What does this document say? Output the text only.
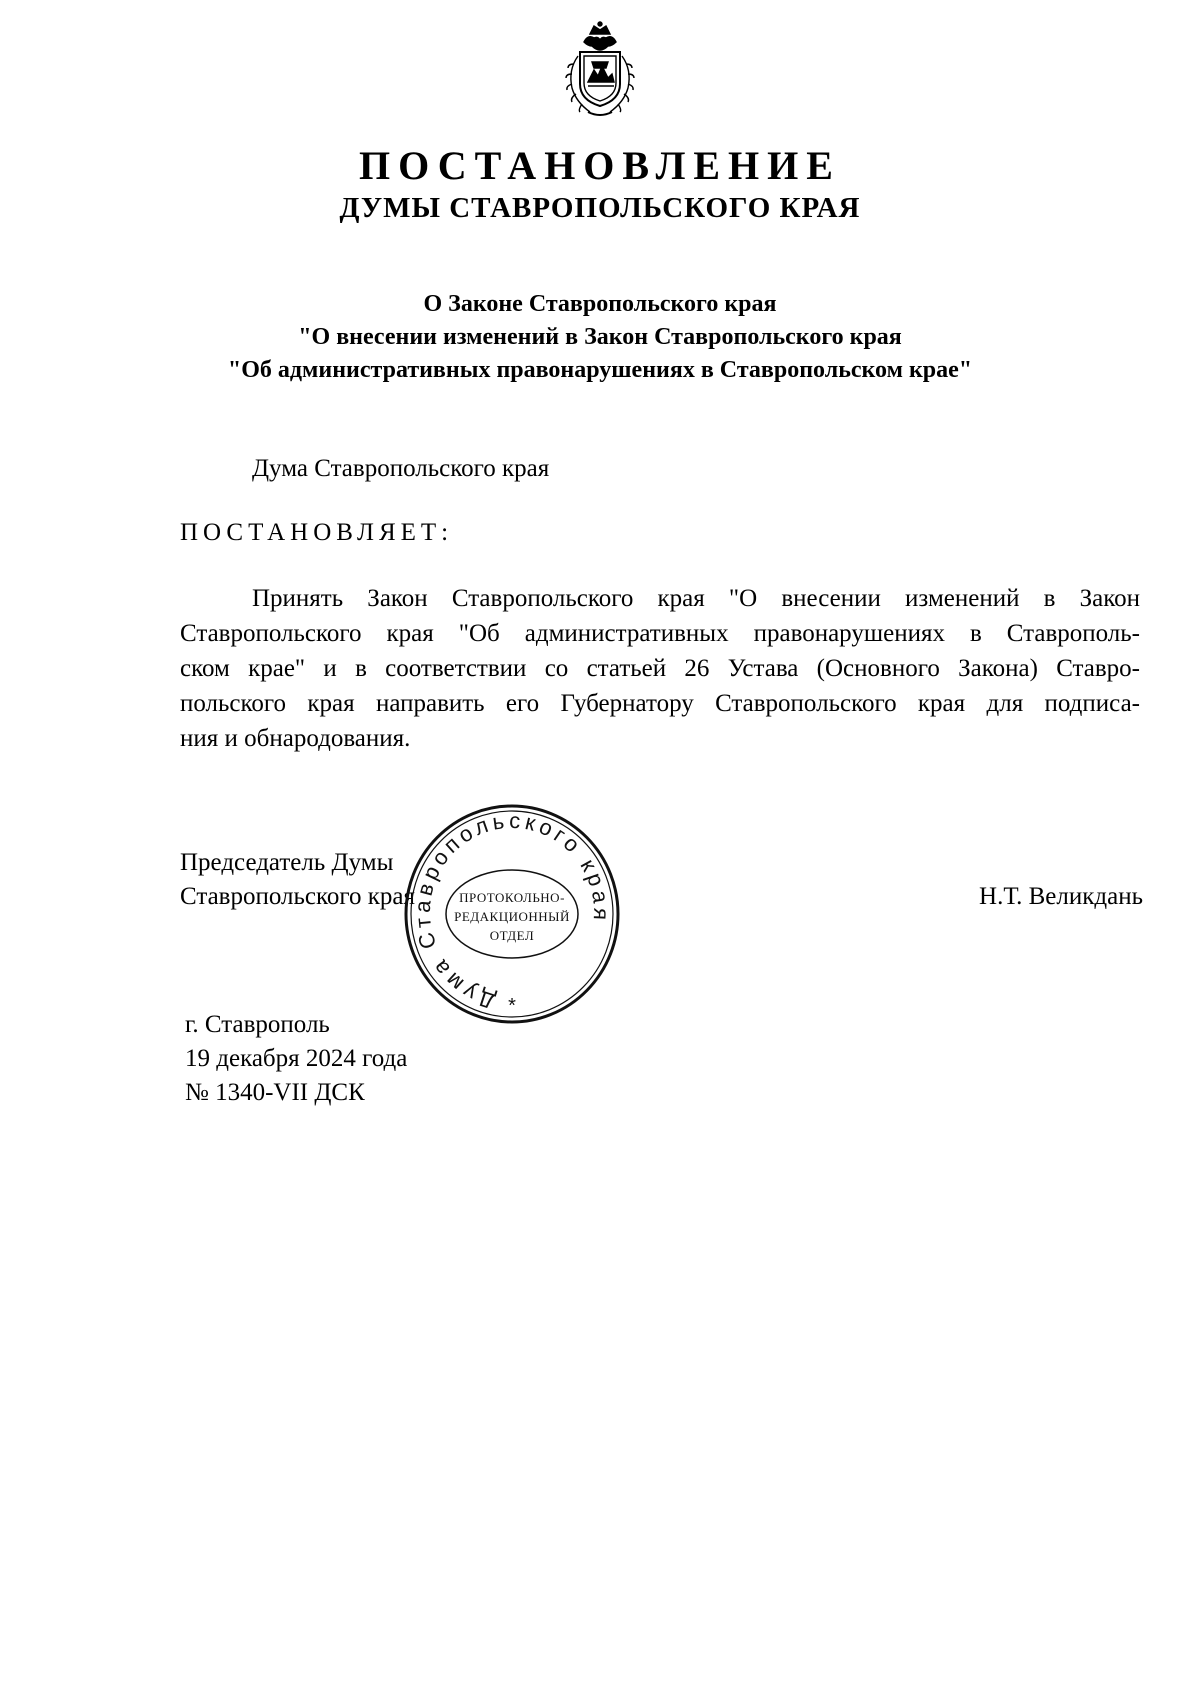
ПОСТАНОВЛЕНИЕ
ДУМЫ СТАВРОПОЛЬСКОГО КРАЯ
О Законе Ставропольского края
"О внесении изменений в Закон Ставропольского края
"Об административных правонарушениях в Ставропольском крае"
Дума Ставропольского края
ПОСТАНОВЛЯЕТ:
Принять Закон Ставропольского края "О внесении изменений в Закон
Ставропольского края "Об административных правонарушениях в Ставрополь-
ском крае" и в соответствии со статьей 26 Устава (Основного Закона) Ставро-
польского края направить его Губернатору Ставропольского края для подписа-
ния и обнародования.
Председатель Думы
Ставропольского края	Н.Т. Великдань
Дума Ставропольского края
*
ПРОТОКОЛЬНО-
РЕДАКЦИОННЫЙ
ОТДЕЛ
г. Ставрополь
19 декабря 2024 года
№ 1340-VII ДСК
